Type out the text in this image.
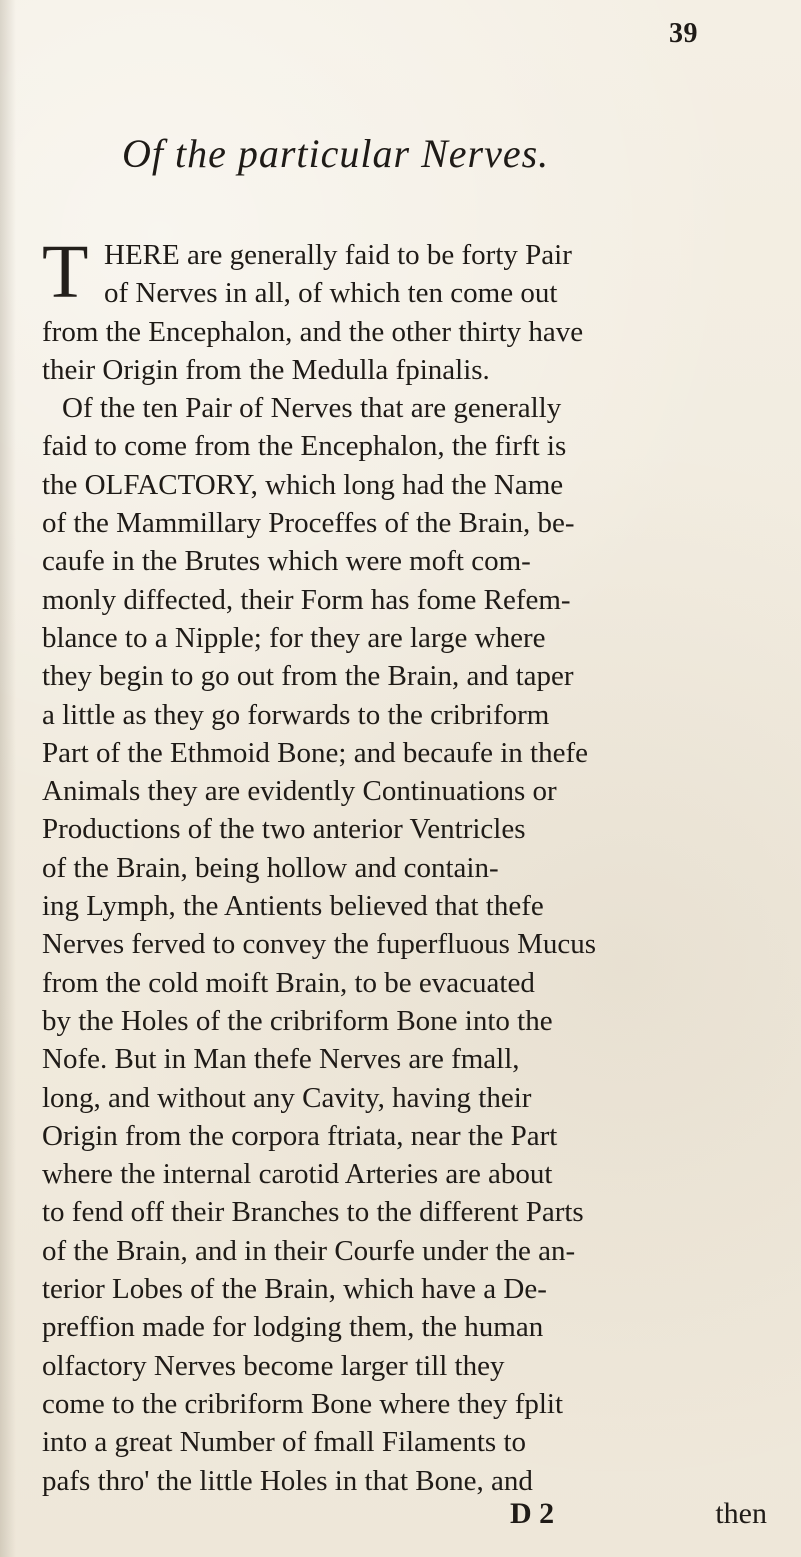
39
Of the particular Nerves.
T HERE are generally faid to be forty Pair
of Nerves in all, of which ten come out
from the Encephalon, and the other thirty have
their Origin from the Medulla fpinalis.
Of the ten Pair of Nerves that are generally
faid to come from the Encephalon, the firft is
the OLFACTORY, which long had the Name
of the Mammillary Proceffes of the Brain, be-
caufe in the Brutes which were moft com-
monly diffected, their Form has fome Refem-
blance to a Nipple; for they are large where
they begin to go out from the Brain, and taper
a little as they go forwards to the cribriform
Part of the Ethmoid Bone; and becaufe in thefe
Animals they are evidently Continuations or
Productions of the two anterior Ventricles
of the Brain, being hollow and contain-
ing Lymph, the Antients believed that thefe
Nerves ferved to convey the fuperfluous Mucus
from the cold moift Brain, to be evacuated
by the Holes of the cribriform Bone into the
Nofe. But in Man thefe Nerves are fmall,
long, and without any Cavity, having their
Origin from the corpora ftriata, near the Part
where the internal carotid Arteries are about
to fend off their Branches to the different Parts
of the Brain, and in their Courfe under the an-
terior Lobes of the Brain, which have a De-
preffion made for lodging them, the human
olfactory Nerves become larger till they
come to the cribriform Bone where they fplit
into a great Number of fmall Filaments to
pafs thro' the little Holes in that Bone, and
D 2	then
